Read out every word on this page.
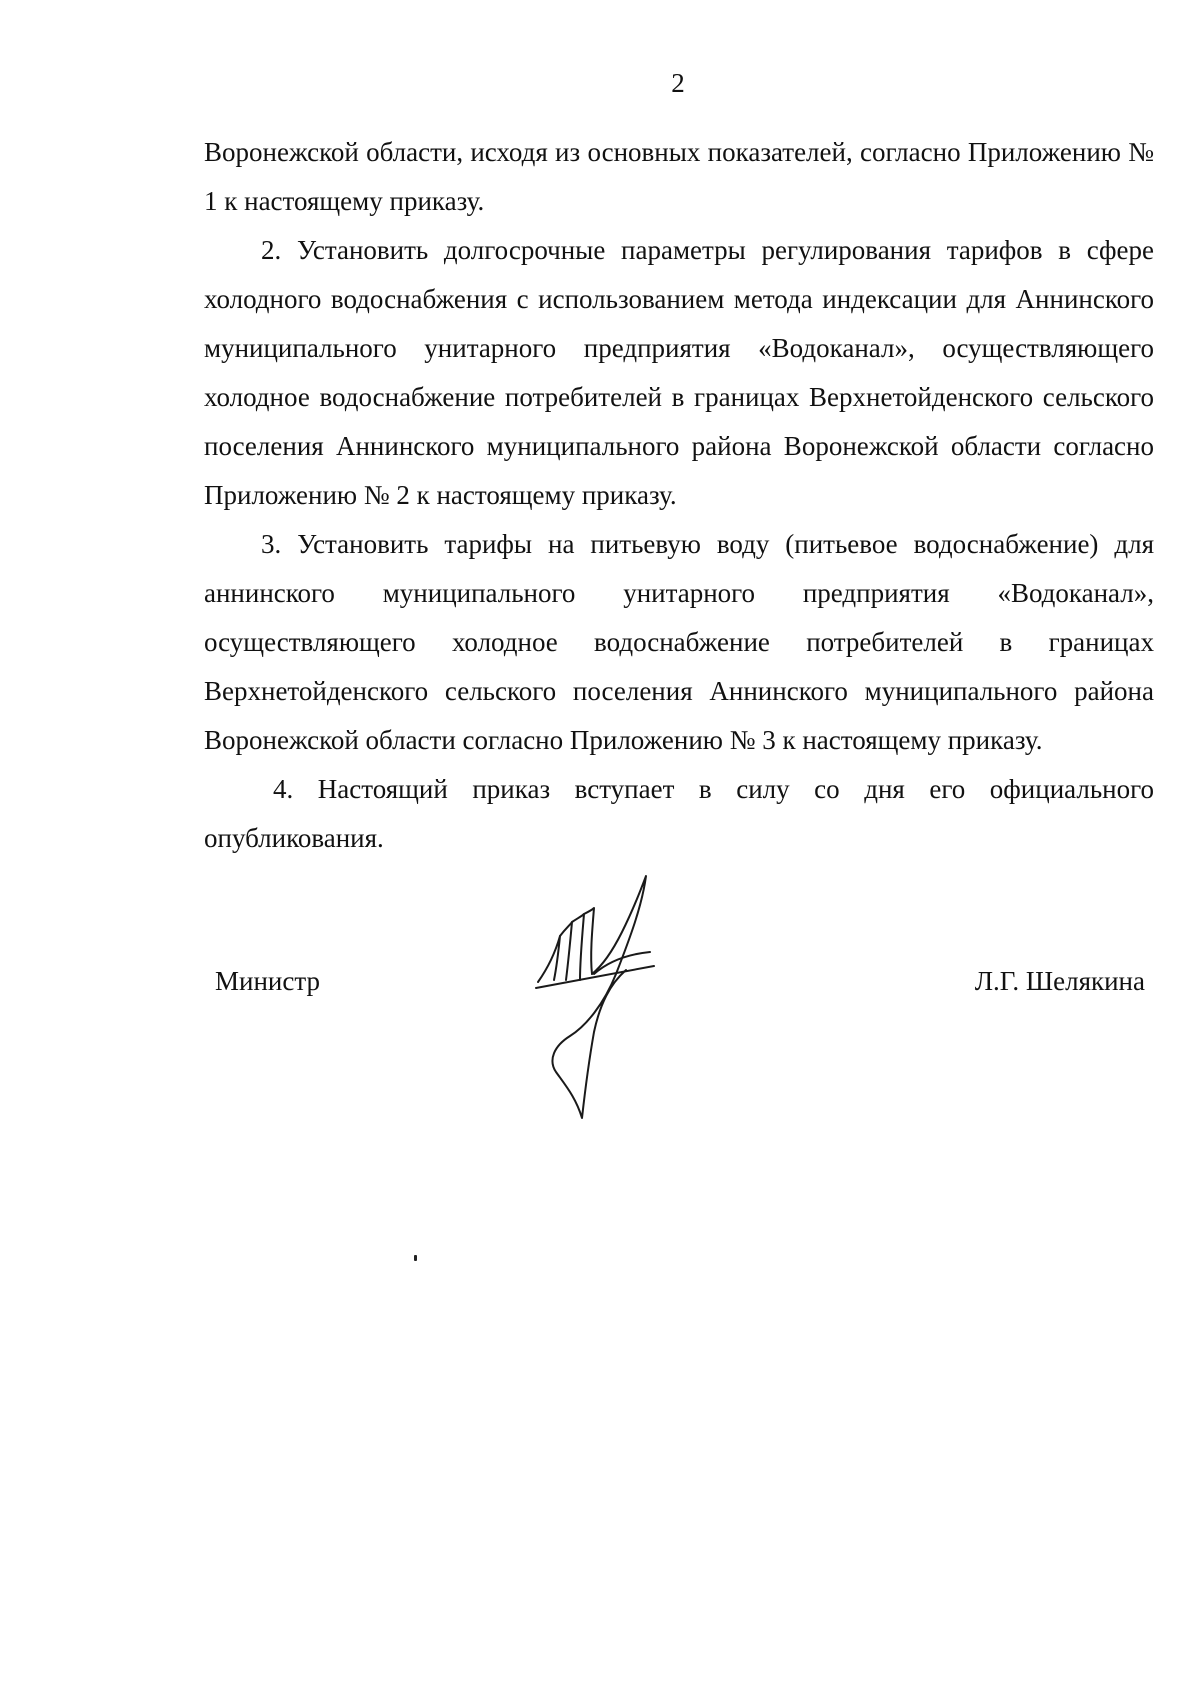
2

Воронежской области, исходя из основных показателей, согласно Приложению № 1 к настоящему приказу.

2. Установить долгосрочные параметры регулирования тарифов в сфере холодного водоснабжения с использованием метода индексации для Аннинского муниципального унитарного предприятия «Водоканал», осуществляющего холодное водоснабжение потребителей в границах Верхнетойденского сельского поселения Аннинского муниципального района Воронежской области согласно Приложению № 2 к настоящему приказу.

3. Установить тарифы на питьевую воду (питьевое водоснабжение) для аннинского муниципального унитарного предприятия «Водоканал», осуществляющего холодное водоснабжение потребителей в границах Верхнетойденского сельского поселения Аннинского муниципального района Воронежской области согласно Приложению № 3 к настоящему приказу.

4. Настоящий приказ вступает в силу со дня его официального опубликования.

Министр	Л.Г. Шелякина
